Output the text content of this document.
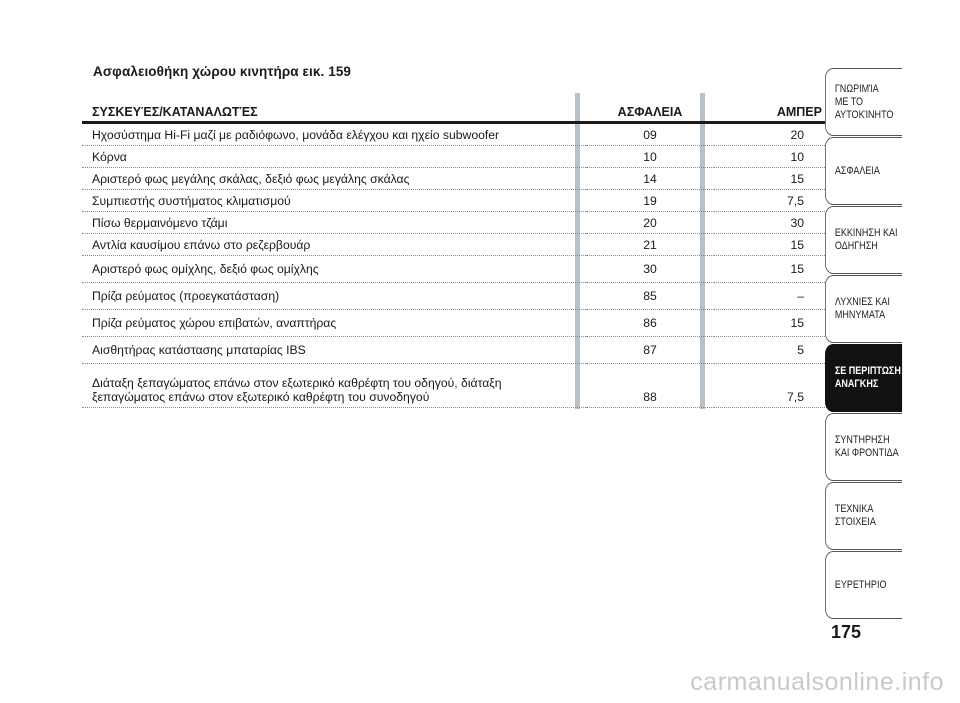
Ασφαλειοθήκη χώρου κινητήρα εικ. 159
ΣΥΣΚΕΥΈΣ/ΚΑΤΑΝΑΛΩΤΈΣ	ΑΣΦΑΛΕΙΑ	ΑΜΠΕΡ
Ηχοσύστημα Hi-Fi μαζί με ραδιόφωνο, μονάδα ελέγχου και ηχείο subwoofer	09	20
Κόρνα	10	10
Αριστερό φως μεγάλης σκάλας, δεξιό φως μεγάλης σκάλας	14	15
Συμπιεστής συστήματος κλιματισμού	19	7,5
Πίσω θερμαινόμενο τζάμι	20	30
Αντλία καυσίμου επάνω στο ρεζερβουάρ	21	15
Αριστερό φως ομίχλης, δεξιό φως ομίχλης	30	15
Πρίζα ρεύματος (προεγκατάσταση)	85	–
Πρίζα ρεύματος χώρου επιβατών, αναπτήρας	86	15
Αισθητήρας κατάστασης μπαταρίας IBS	87	5
Διάταξη ξεπαγώματος επάνω στον εξωτερικό καθρέφτη του οδηγού, διάταξη
ξεπαγώματος επάνω στον εξωτερικό καθρέφτη του συνοδηγού	88	7,5
ΓΝΩΡΙΜΊΑ
ΜΕ ΤΟ
ΑΥΤΟΚΊΝΗΤΟ
ΑΣΦΑΛΕΙΑ
ΕΚΚΙΝΗΣΗ ΚΑΙ
ΟΔΗΓΗΣΗ
ΛΥΧΝΙΕΣ ΚΑΙ
ΜΗΝΥΜΑΤΑ
ΣΕ ΠΕΡΙΠΤΩΣΗ
ΑΝΑΓΚΗΣ
ΣΥΝΤΗΡΗΣΗ
ΚΑΙ ΦΡΟΝΤΙΔΑ
ΤΕΧΝΙΚΑ
ΣΤΟΙΧΕΙΑ
ΕΥΡΕΤΗΡΙΟ
175
carmanualsonline.info
